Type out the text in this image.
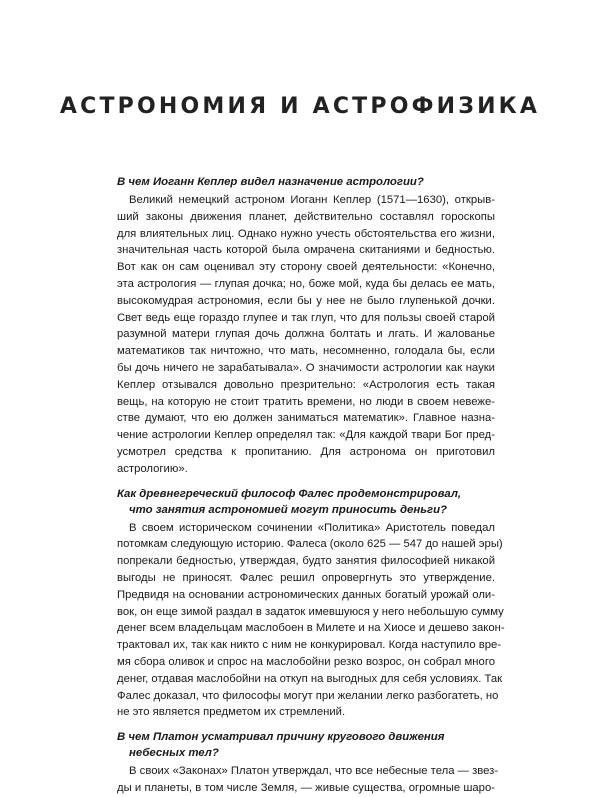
АСТРОНОМИЯ И АСТРОФИЗИКА

В чем Иоганн Кеплер видел назначение астрологии?

Великий немецкий астроном Иоганн Кеплер (1571—1630), открыв-
ший законы движения планет, действительно составлял гороскопы
для влиятельных лиц. Однако нужно учесть обстоятельства его жизни,
значительная часть которой была омрачена скитаниями и бедностью.
Вот как он сам оценивал эту сторону своей деятельности: «Конечно,
эта астрология — глупая дочка; но, боже мой, куда бы делась ее мать,
высокомудрая астрономия, если бы у нее не было глупенькой дочки.
Свет ведь еще гораздо глупее и так глуп, что для пользы своей старой
разумной матери глупая дочь должна болтать и лгать. И жалованье
математиков так ничтожно, что мать, несомненно, голодала бы, если
бы дочь ничего не зарабатывала». О значимости астрологии как науки
Кеплер отзывался довольно презрительно: «Астрология есть такая
вещь, на которую не стоит тратить времени, но люди в своем невеже-
стве думают, что ею должен заниматься математик». Главное назна-
чение астрологии Кеплер определял так: «Для каждой твари Бог пред-
усмотрел средства к пропитанию. Для астронома он приготовил
астрологию».

Как древнегреческий философ Фалес продемонстрировал,
что занятия астрономией могут приносить деньги?

В своем историческом сочинении «Политика» Аристотель поведал
потомкам следующую историю. Фалеса (около 625 — 547 до нашей эры)
попрекали бедностью, утверждая, будто занятия философией никакой
выгоды не приносят. Фалес решил опровергнуть это утверждение.
Предвидя на основании астрономических данных богатый урожай оли-
вок, он еще зимой раздал в задаток имевшуюся у него небольшую сумму
денег всем владельцам маслобоен в Милете и на Хиосе и дешево закон-
трактовал их, так как никто с ним не конкурировал. Когда наступило вре-
мя сбора оливок и спрос на маслобойни резко возрос, он собрал много
денег, отдавая маслобойни на откуп на выгодных для себя условиях. Так
Фалес доказал, что философы могут при желании легко разбогатеть, но
не это является предметом их стремлений.

В чем Платон усматривал причину кругового движения
небесных тел?

В своих «Законах» Платон утверждал, что все небесные тела — звез-
ды и планеты, в том числе Земля, — живые существа, огромные шаро-
